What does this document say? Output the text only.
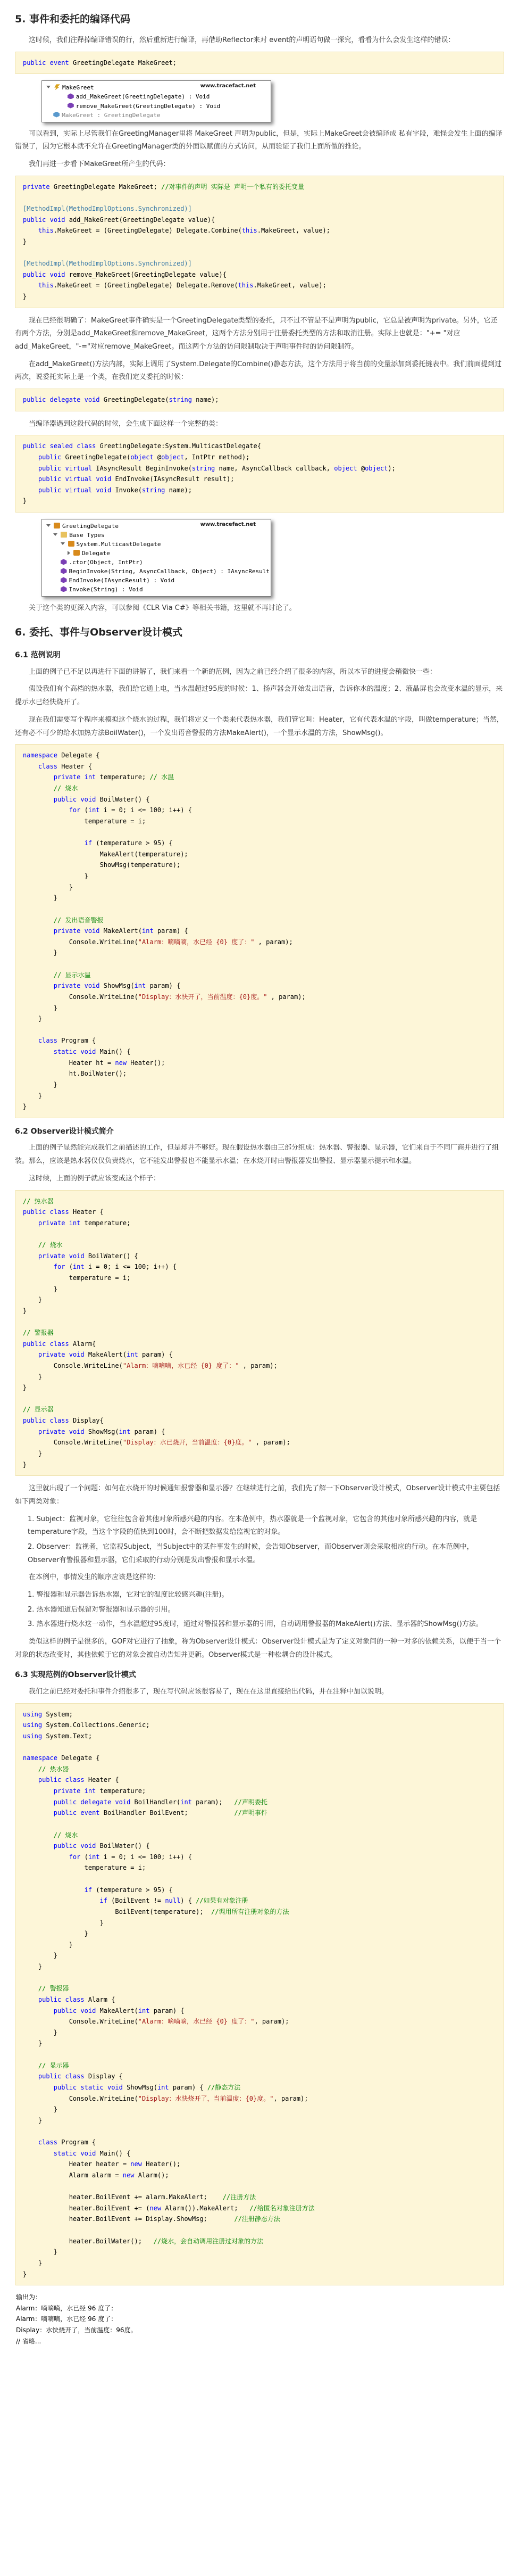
5. 事件和委托的编译代码

这时候，我们注释掉编译错误的行，然后重新进行编译，再借助Reflector来对 event的声明语句做一探究，看看为什么会发生这样的错误：

public event GreetingDelegate MakeGreet;
www.tracefact.net
MakeGreet
add_MakeGreet(GreetingDelegate) : Void
remove_MakeGreet(GreetingDelegate) : Void
MakeGreet : GreetingDelegate

可以看到，实际上尽管我们在GreetingManager里将 MakeGreet 声明为public，但是，实际上MakeGreet会被编译成 私有字段，难怪会发生上面的编译错误了，因为它根本就不允许在GreetingManager类的外面以赋值的方式访问，从而验证了我们上面所做的推论。

我们再进一步看下MakeGreet所产生的代码：

private GreetingDelegate MakeGreet; //对事件的声明 实际是 声明一个私有的委托变量
[MethodImpl(MethodImplOptions.Synchronized)]
public void add_MakeGreet(GreetingDelegate value){
this.MakeGreet = (GreetingDelegate) Delegate.Combine(this.MakeGreet, value);
}
[MethodImpl(MethodImplOptions.Synchronized)]
public void remove_MakeGreet(GreetingDelegate value){
this.MakeGreet = (GreetingDelegate) Delegate.Remove(this.MakeGreet, value);
}

现在已经很明确了：MakeGreet事件确实是一个GreetingDelegate类型的委托，只不过不管是不是声明为public，它总是被声明为private。另外，它还有两个方法，分别是add_MakeGreet和remove_MakeGreet，这两个方法分别用于注册委托类型的方法和取消注册。实际上也就是："+= "对应 add_MakeGreet，"-="对应remove_MakeGreet。而这两个方法的访问限制取决于声明事件时的访问限制符。

在add_MakeGreet()方法内部，实际上调用了System.Delegate的Combine()静态方法，这个方法用于将当前的变量添加到委托链表中。我们前面提到过两次，说委托实际上是一个类，在我们定义委托的时候：

public delegate void GreetingDelegate(string name);

当编译器遇到这段代码的时候，会生成下面这样一个完整的类：

public sealed class GreetingDelegate:System.MulticastDelegate{
public GreetingDelegate(object @object, IntPtr method);
public virtual IAsyncResult BeginInvoke(string name, AsyncCallback callback, object @object);
public virtual void EndInvoke(IAsyncResult result);
public virtual void Invoke(string name);
}
www.tracefact.net
GreetingDelegate
Base Types
System.MulticastDelegate
Delegate
.ctor(Object, IntPtr)
BeginInvoke(String, AsyncCallback, Object) : IAsyncResult
EndInvoke(IAsyncResult) : Void
Invoke(String) : Void

关于这个类的更深入内容，可以参阅《CLR Via C#》等相关书籍，这里就不再讨论了。

6. 委托、事件与Observer设计模式
6.1 范例说明

上面的例子已不足以再进行下面的讲解了，我们来看一个新的范例，因为之前已经介绍了很多的内容，所以本节的进度会稍微快一些：

假设我们有个高档的热水器，我们给它通上电，当水温超过95度的时候：1、扬声器会开始发出语音，告诉你水的温度；2、液晶屏也会改变水温的显示，来提示水已经快烧开了。

现在我们需要写个程序来模拟这个烧水的过程，我们将定义一个类来代表热水器，我们管它叫：Heater，它有代表水温的字段，叫做temperature；当然，还有必不可少的给水加热方法BoilWater()，一个发出语音警报的方法MakeAlert()，一个显示水温的方法，ShowMsg()。

namespace Delegate {
class Heater {
private int temperature; // 水温
// 烧水
public void BoilWater() {
for (int i = 0; i <= 100; i++) {
temperature = i;
if (temperature > 95) {
MakeAlert(temperature);
ShowMsg(temperature);
}
}
}
// 发出语音警报
private void MakeAlert(int param) {
Console.WriteLine("Alarm：嘀嘀嘀，水已经 {0} 度了：" , param);
}
// 显示水温
private void ShowMsg(int param) {
Console.WriteLine("Display：水快开了，当前温度：{0}度。" , param);
}
}
class Program {
static void Main() {
Heater ht = new Heater();
ht.BoilWater();
}
}
}
6.2 Observer设计模式简介

上面的例子显然能完成我们之前描述的工作，但是却并不够好。现在假设热水器由三部分组成：热水器、警报器、显示器，它们来自于不同厂商并进行了组装。那么，应该是热水器仅仅负责烧水，它不能发出警报也不能显示水温；在水烧开时由警报器发出警报、显示器显示提示和水温。

这时候，上面的例子就应该变成这个样子：

// 热水器
public class Heater {
private int temperature;
// 烧水
private void BoilWater() {
for (int i = 0; i <= 100; i++) {
temperature = i;
}
}
}
// 警报器
public class Alarm{
private void MakeAlert(int param) {
Console.WriteLine("Alarm：嘀嘀嘀，水已经 {0} 度了：" , param);
}
}
// 显示器
public class Display{
private void ShowMsg(int param) {
Console.WriteLine("Display：水已烧开，当前温度：{0}度。" , param);
}
}

这里就出现了一个问题：如何在水烧开的时候通知报警器和显示器？在继续进行之前，我们先了解一下Observer设计模式，Observer设计模式中主要包括如下两类对象：

1. Subject：监视对象，它往往包含着其他对象所感兴趣的内容。在本范例中，热水器就是一个监视对象，它包含的其他对象所感兴趣的内容，就是temperature字段，当这个字段的值快到100时，会不断把数据发给监视它的对象。
2. Observer：监视者，它监视Subject，当Subject中的某件事发生的时候，会告知Observer，而Observer则会采取相应的行动。在本范例中，Observer有警报器和显示器，它们采取的行动分别是发出警报和显示水温。

在本例中，事情发生的顺序应该是这样的：

1. 警报器和显示器告诉热水器，它对它的温度比较感兴趣(注册)。
2. 热水器知道后保留对警报器和显示器的引用。
3. 热水器进行烧水这一动作，当水温超过95度时，通过对警报器和显示器的引用，自动调用警报器的MakeAlert()方法、显示器的ShowMsg()方法。

类似这样的例子是很多的，GOF对它进行了抽象，称为Observer设计模式：Observer设计模式是为了定义对象间的一种一对多的依赖关系，以便于当一个对象的状态改变时，其他依赖于它的对象会被自动告知并更新。Observer模式是一种松耦合的设计模式。

6.3 实现范例的Observer设计模式

我们之前已经对委托和事件介绍很多了，现在写代码应该很容易了，现在在这里直接给出代码，并在注释中加以说明。

using System;
using System.Collections.Generic;
using System.Text;
namespace Delegate {
// 热水器
public class Heater {
private int temperature;
public delegate void BoilHandler(int param);   //声明委托
public event BoilHandler BoilEvent;            //声明事件
// 烧水
public void BoilWater() {
for (int i = 0; i <= 100; i++) {
temperature = i;
if (temperature > 95) {
if (BoilEvent != null) { //如果有对象注册
BoilEvent(temperature);  //调用所有注册对象的方法
}
}
}
}
}
// 警报器
public class Alarm {
public void MakeAlert(int param) {
Console.WriteLine("Alarm：嘀嘀嘀，水已经 {0} 度了：", param);
}
}
// 显示器
public class Display {
public static void ShowMsg(int param) { //静态方法
Console.WriteLine("Display：水快烧开了，当前温度：{0}度。", param);
}
}
class Program {
static void Main() {
Heater heater = new Heater();
Alarm alarm = new Alarm();
heater.BoilEvent += alarm.MakeAlert;    //注册方法
heater.BoilEvent += (new Alarm()).MakeAlert;   //给匿名对象注册方法
heater.BoilEvent += Display.ShowMsg;       //注册静态方法
heater.BoilWater();   //烧水，会自动调用注册过对象的方法
}
}
}
输出为：
Alarm：嘀嘀嘀，水已经 96 度了：
Alarm：嘀嘀嘀，水已经 96 度了：
Display：水快烧开了，当前温度：96度。
// 省略...
